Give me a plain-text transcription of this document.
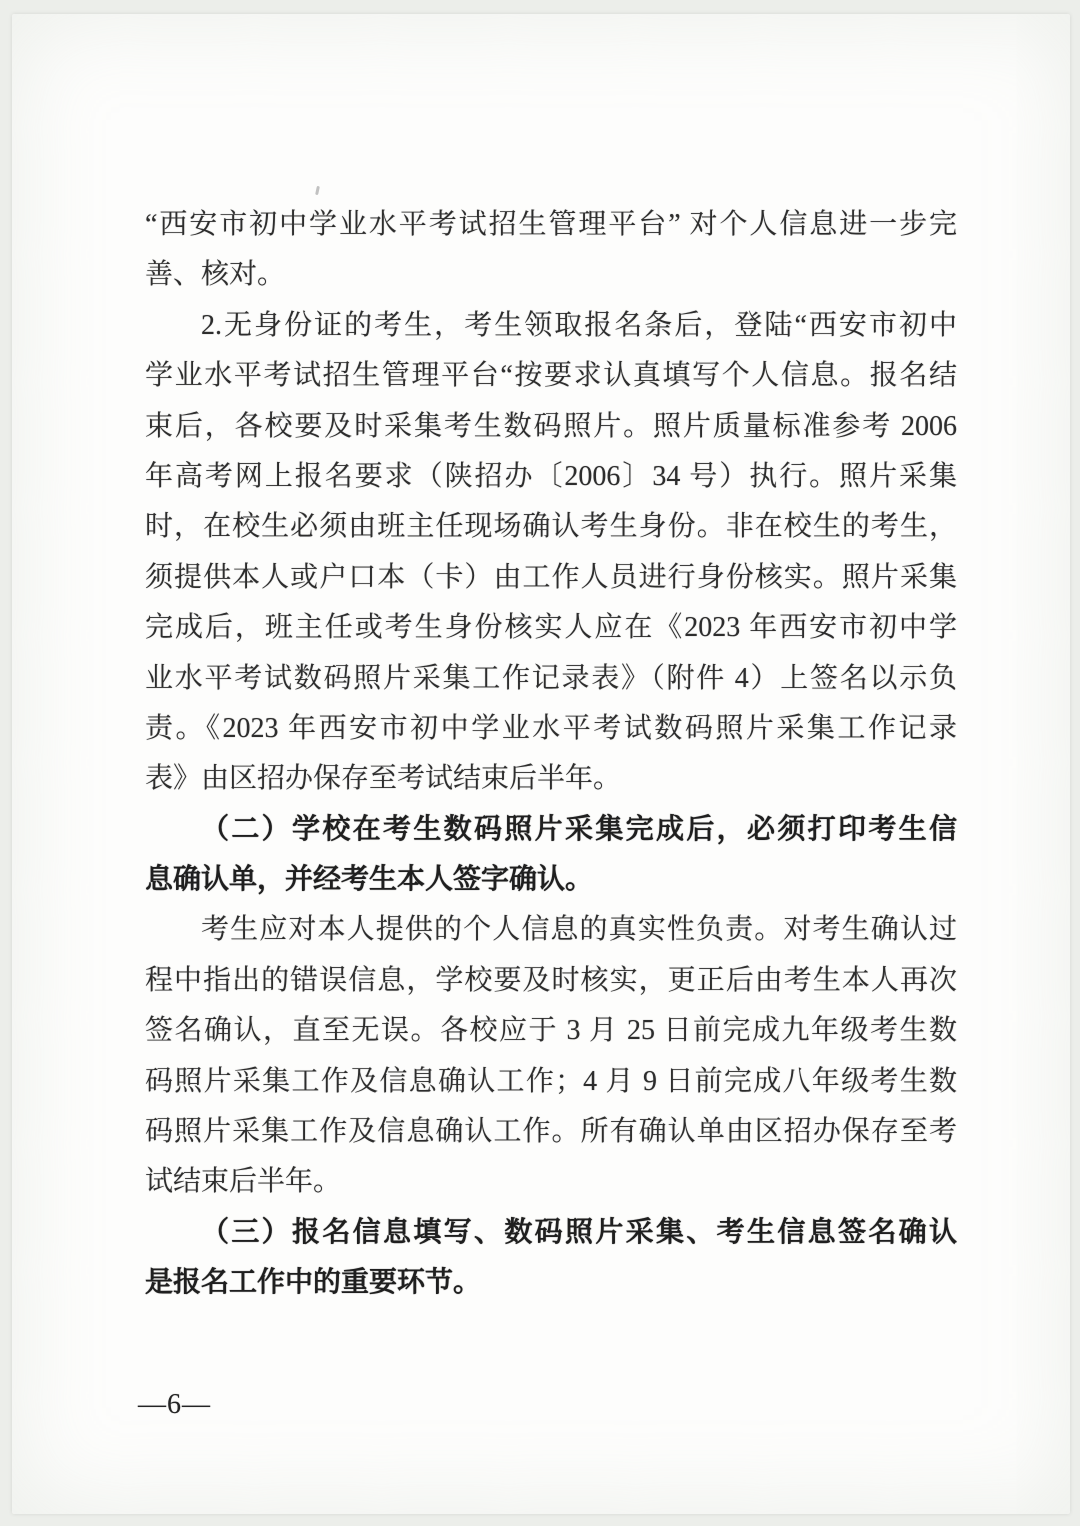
“西安市初中学业水平考试招生管理平台” 对个人信息进一步完
善、核对。
2.无身份证的考生，考生领取报名条后，登陆“西安市初中
学业水平考试招生管理平台“按要求认真填写个人信息。报名结
束后，各校要及时采集考生数码照片。照片质量标准参考 2006
年高考网上报名要求（陕招办〔2006〕34 号）执行。照片采集
时，在校生必须由班主任现场确认考生身份。非在校生的考生，
须提供本人或户口本（卡）由工作人员进行身份核实。照片采集
完成后，班主任或考生身份核实人应在《2023 年西安市初中学
业水平考试数码照片采集工作记录表》（附件 4）上签名以示负
责。《2023 年西安市初中学业水平考试数码照片采集工作记录
表》由区招办保存至考试结束后半年。
（二）学校在考生数码照片采集完成后，必须打印考生信
息确认单，并经考生本人签字确认。
考生应对本人提供的个人信息的真实性负责。对考生确认过
程中指出的错误信息，学校要及时核实，更正后由考生本人再次
签名确认，直至无误。各校应于 3 月 25 日前完成九年级考生数
码照片采集工作及信息确认工作；4 月 9 日前完成八年级考生数
码照片采集工作及信息确认工作。所有确认单由区招办保存至考
试结束后半年。
（三）报名信息填写、数码照片采集、考生信息签名确认
是报名工作中的重要环节。
—6—
